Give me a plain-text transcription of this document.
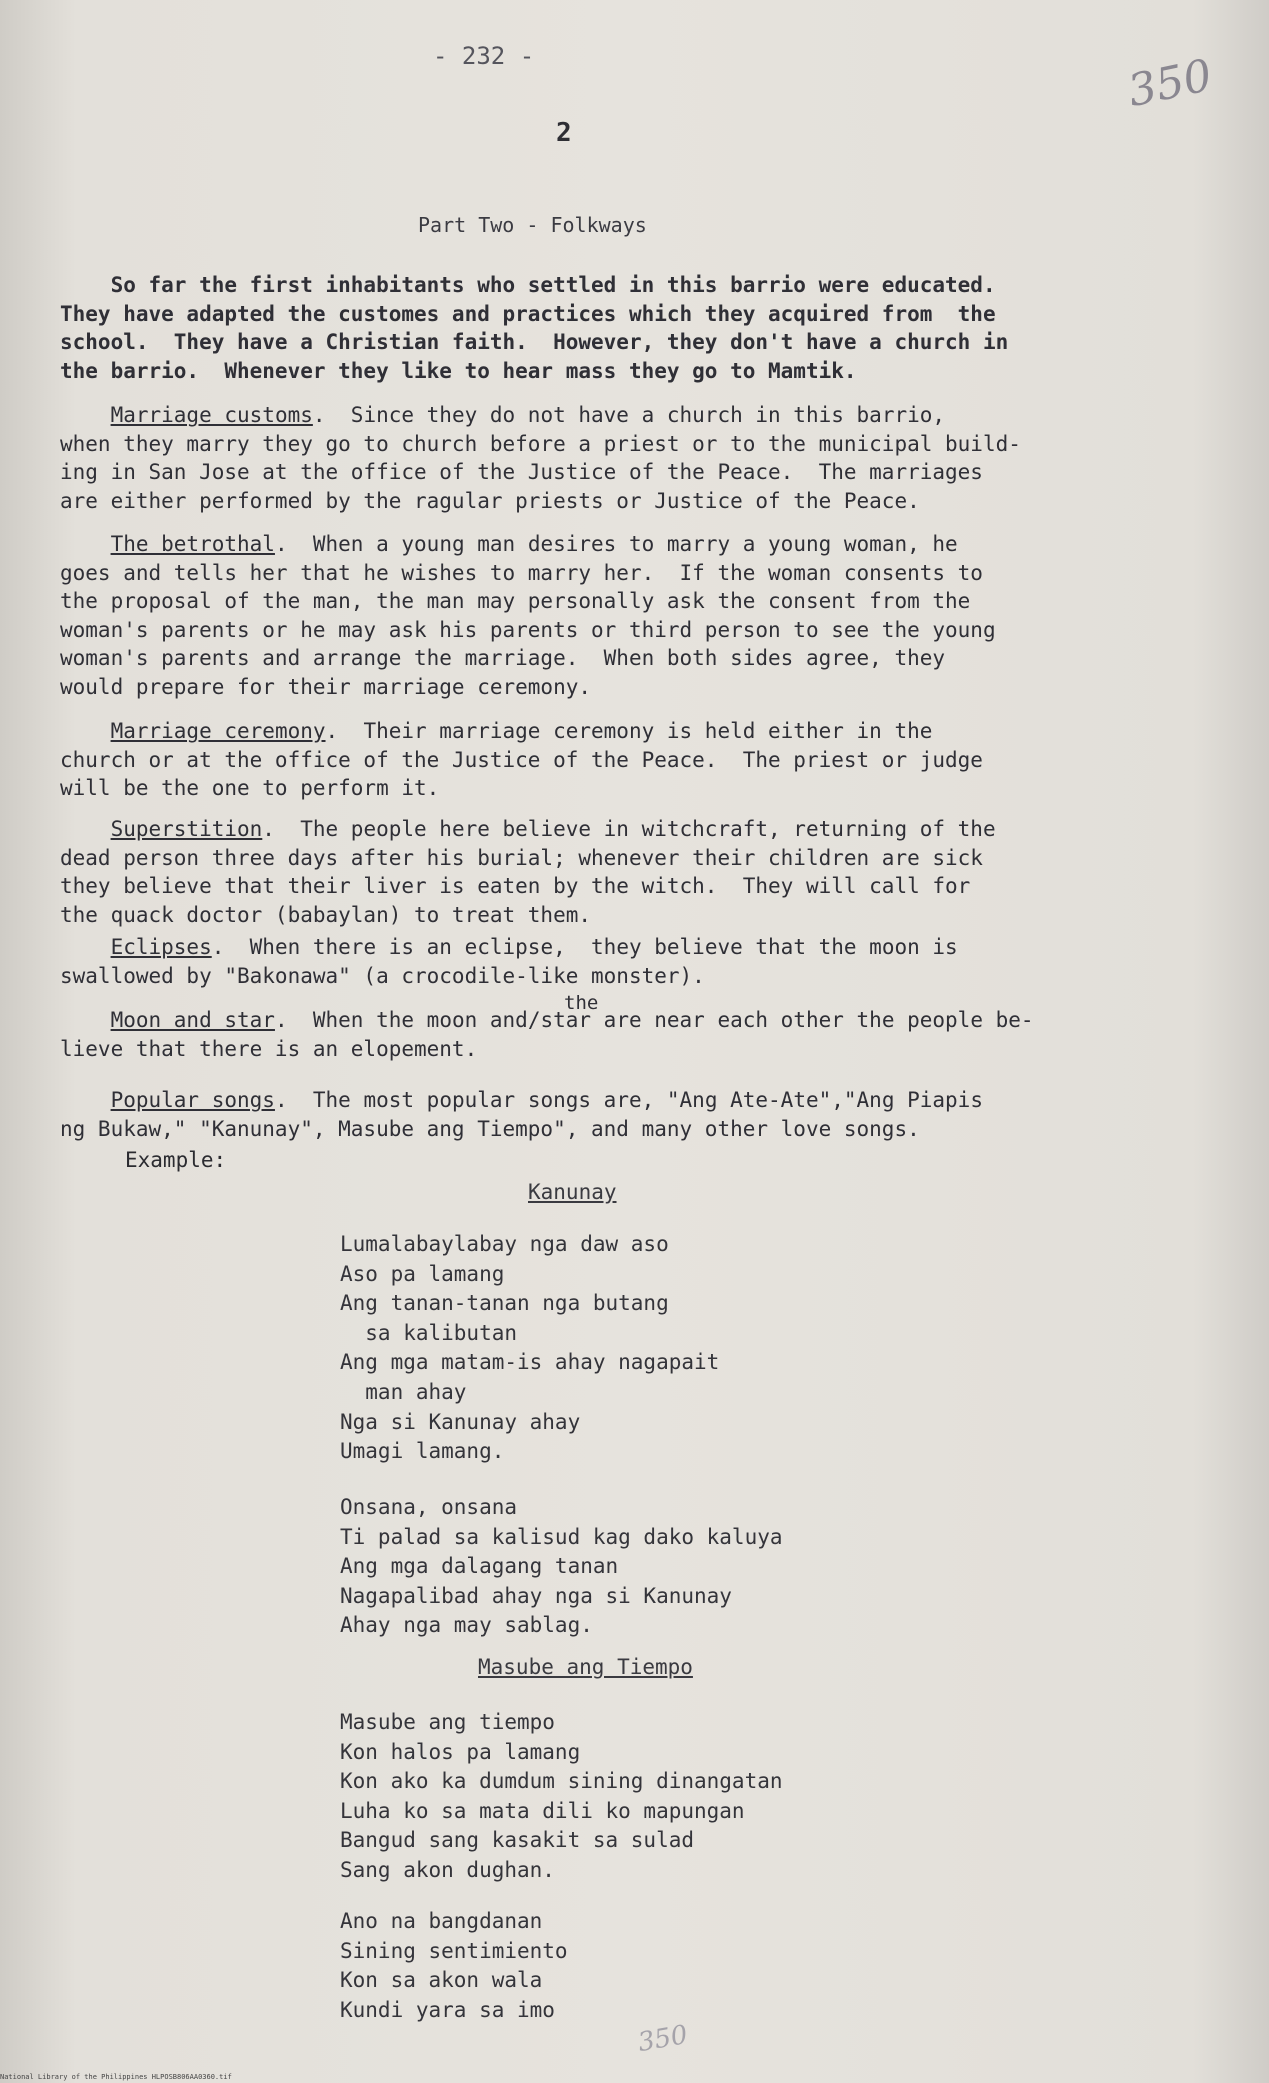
- 232 -	350
2
Part Two - Folkways
So far the first inhabitants who settled in this barrio were educated.
They have adapted the customes and practices which they acquired from  the
school.  They have a Christian faith.  However, they don't have a church in
the barrio.  Whenever they like to hear mass they go to Mamtik.
Marriage customs.  Since they do not have a church in this barrio,
when they marry they go to church before a priest or to the municipal build-
ing in San Jose at the office of the Justice of the Peace.  The marriages
are either performed by the ragular priests or Justice of the Peace.
The betrothal.  When a young man desires to marry a young woman, he
goes and tells her that he wishes to marry her.  If the woman consents to
the proposal of the man, the man may personally ask the consent from the
woman's parents or he may ask his parents or third person to see the young
woman's parents and arrange the marriage.  When both sides agree, they
would prepare for their marriage ceremony.
Marriage ceremony.  Their marriage ceremony is held either in the
church or at the office of the Justice of the Peace.  The priest or judge
will be the one to perform it.
Superstition.  The people here believe in witchcraft, returning of the
dead person three days after his burial; whenever their children are sick
they believe that their liver is eaten by the witch.  They will call for
the quack doctor (babaylan) to treat them.
Eclipses.  When there is an eclipse,  they believe that the moon is
swallowed by "Bakonawa" (a crocodile-like monster).
Moon and star.  When the moon and/star are near each other the people be-
lieve that there is an elopement.
Popular songs.  The most popular songs are, "Ang Ate-Ate","Ang Piapis
ng Bukaw," "Kanunay", Masube ang Tiempo", and many other love songs.
Example:
Kanunay
Lumalabaylabay nga daw aso
Aso pa lamang
Ang tanan-tanan nga butang
sa kalibutan
Ang mga matam-is ahay nagapait
man ahay
Nga si Kanunay ahay
Umagi lamang.
Onsana, onsana
Ti palad sa kalisud kag dako kaluya
Ang mga dalagang tanan
Nagapalibad ahay nga si Kanunay
Ahay nga may sablag.
Masube ang Tiempo
Masube ang tiempo
Kon halos pa lamang
Kon ako ka dumdum sining dinangatan
Luha ko sa mata dili ko mapungan
Bangud sang kasakit sa sulad
Sang akon dughan.
Ano na bangdanan
Sining sentimiento
Kon sa akon wala
Kundi yara sa imo
350
National Library of the Philippines HLPOSB806AA0360.tif
the
